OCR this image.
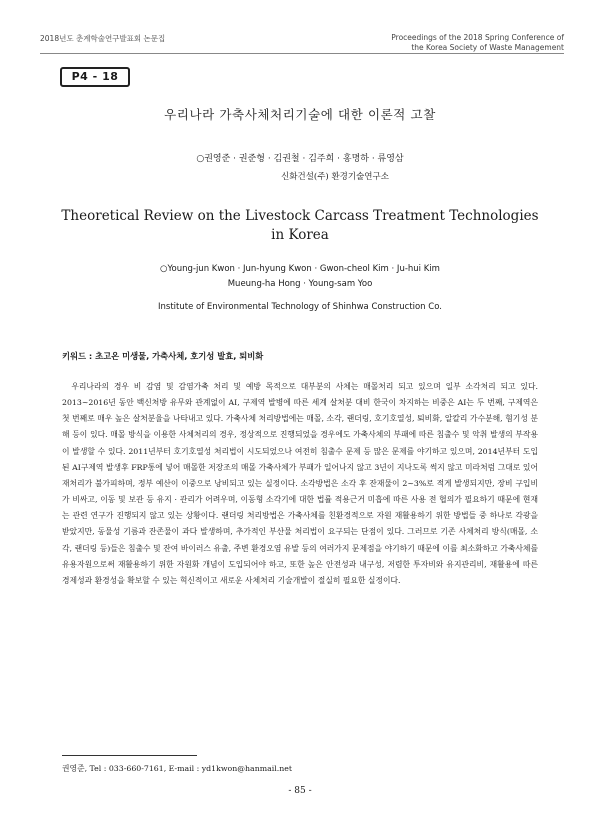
2018년도 춘계학술연구발표회 논문집	Proceedings of the 2018 Spring Conference of
the Korea Society of Waste Management
P4 - 18
우리나라 가축사체처리기술에 대한 이론적 고찰
○권영준 · 권준형 · 김권철 · 김주희 · 홍명하 · 류영삼
신화건설(주) 환경기술연구소
Theoretical Review on the Livestock Carcass Treatment Technologies in Korea
○Young-jun Kwon · Jun-hyung Kwon · Gwon-cheol Kim · Ju-hui Kim
Mueung-ha Hong · Young-sam Yoo
Institute of Environmental Technology of Shinhwa Construction Co.
키워드 : 초고온 미생물, 가축사체, 호기성 발효, 퇴비화

우리나라의 경우 비 감염 및 감염가축 처리 및 예방 목적으로 대부분의 사체는 매몰처리 되고 있으며 일부 소각처리 되고 있다. 2013~2016년 동안 백신처방 유무와 관계없이 AI, 구제역 발병에 따른 세계 살처분 대비 한국이 차지하는 비중은 AI는 두 번째, 구제역은 첫 번째로 매우 높은 살처분율을 나타내고 있다. 가축사체 처리방법에는 매몰, 소각, 랜더링, 호기호열성, 퇴비화, 알칼리 가수분해, 혐기성 분해 등이 있다. 매몰 방식을 이용한 사체처리의 경우, 정상적으로 진행되었을 경우에도 가축사체의 부패에 따른 침출수 및 악취 발생의 부작용이 발생할 수 있다. 2011년부터 호기호열성 처리법이 시도되었으나 여전히 침출수 문제 등 많은 문제를 야기하고 있으며, 2014년부터 도입된 AI구제역 발생후 FRP통에 넣어 매몰한 저장조의 매몰 가축사체가 부패가 일어나지 않고 3년이 지나도록 썩지 않고 미라처럼 그대로 있어 재처리가 불가피하며, 정부 예산이 이중으로 낭비되고 있는 실정이다. 소각방법은 소각 후 잔재물이 2~3%로 적게 발생되지만, 장비 구입비가 비싸고, 이동 및 보관 등 유지 · 관리가 어려우며, 이동형 소각기에 대한 법률 적용근거 미흡에 따른 사용 전 협의가 필요하기 때문에 현재는 관련 연구가 진행되지 않고 있는 상황이다. 랜더링 처리방법은 가축사체를 친환경적으로 자원 재활용하기 위한 방법들 중 하나로 각광을 받았지만, 동물성 기름과 잔존물이 과다 발생하며, 추가적인 부산물 처리법이 요구되는 단점이 있다. 그러므로 기존 사체처리 방식(매몰, 소각, 랜더링 등)들은 침출수 및 잔여 바이러스 유출, 주변 환경오염 유발 등의 여러가지 문제점을 야기하기 때문에 이를 최소화하고 가축사체를 유용자원으로써 재활용하기 위한 자원화 개념이 도입되어야 하고, 또한 높은 안전성과 내구성, 저렴한 투자비와 유지관리비, 재활용에 따른 경제성과 환경성을 확보할 수 있는 혁신적이고 새로운 사체처리 기술개발이 절실히 필요한 실정이다.

권영준, Tel : 033-660-7161, E-mail : yd1kwon@hanmail.net
- 85 -
